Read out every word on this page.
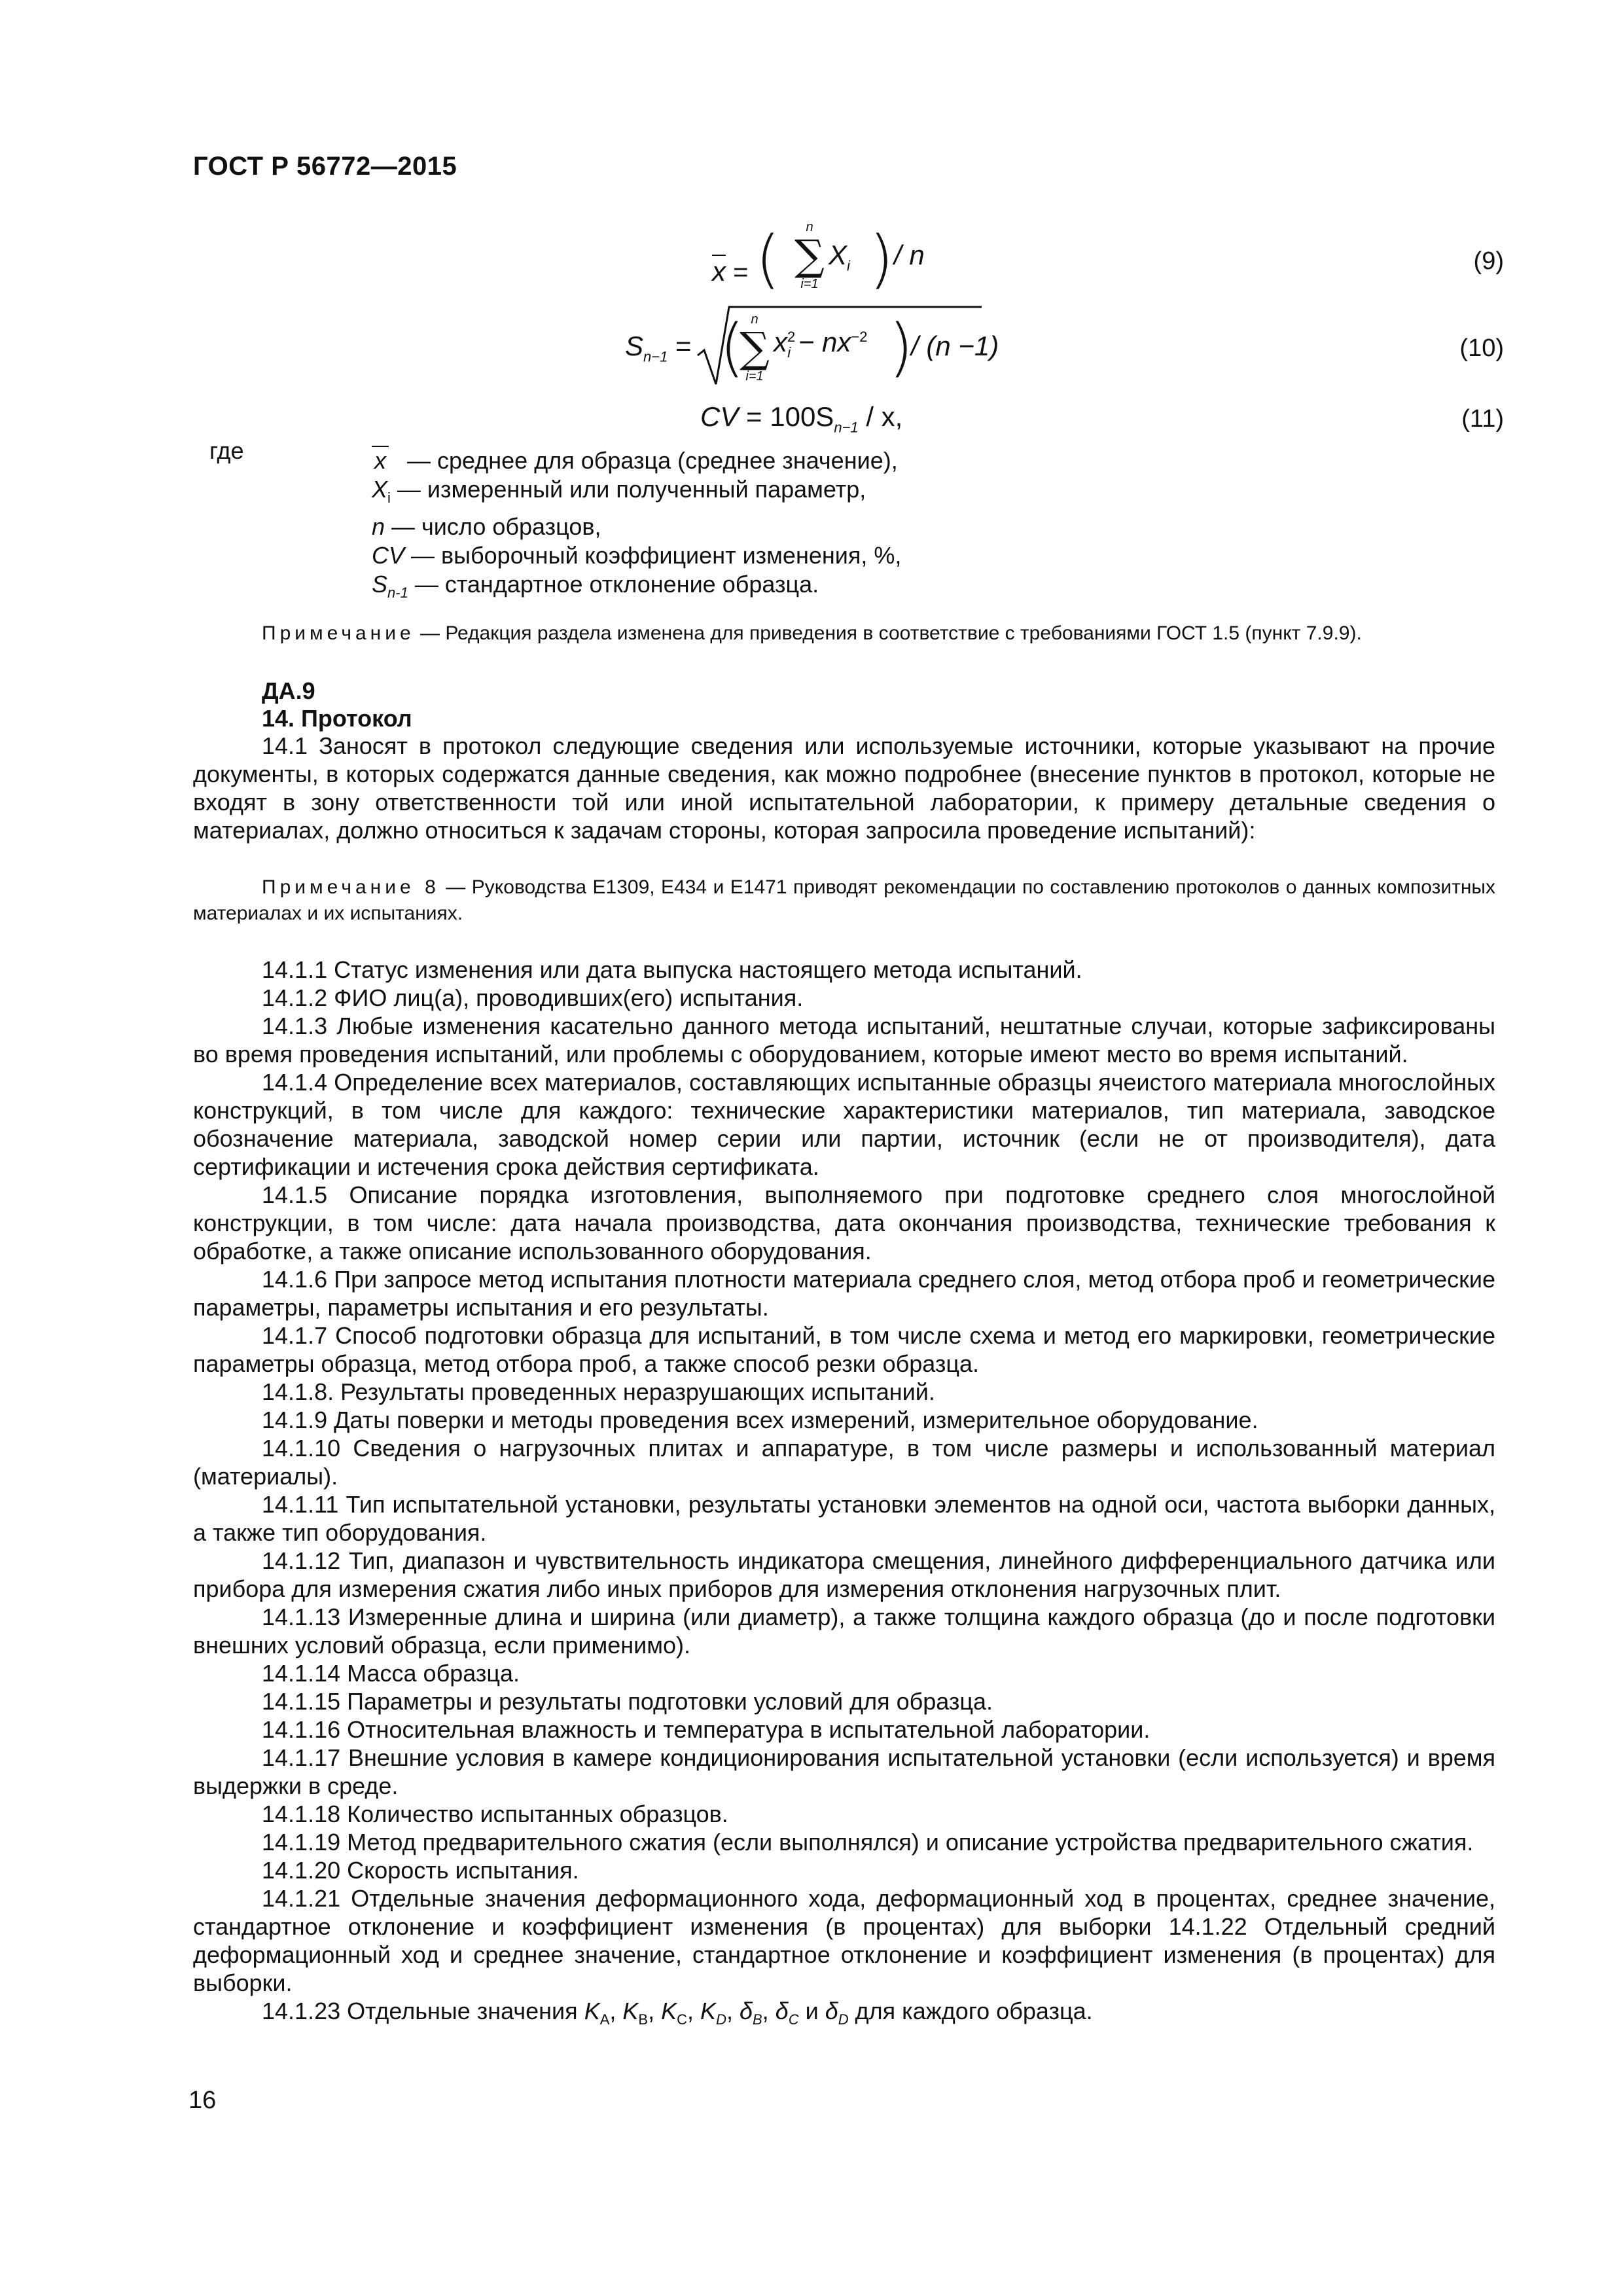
ГОСТ Р 56772—2015
x = (	n
∑
i=1
$X_i$ ) / n	(9)
$S_{n-1}$ = ( n
∑
i=1
$x^2_i - nx^{-2}$ )
/ (n −1)	(10)
CV = $100S_{n-1}$ / x,	(11)
где	x — среднее для образца (среднее значение),
$X_i$ — измеренный или полученный параметр,
n — число образцов,
CV — выборочный коэффициент изменения, %,
$S_{n-1}$ — стандартное отклонение образца.
Примечание — Редакция раздела изменена для приведения в соответствие с требованиями ГОСТ 1.5 (пункт 7.9.9).
ДА.9
14. Протокол

14.1 Заносят в протокол следующие сведения или используемые источники, которые указывают на прочие документы, в которых содержатся данные сведения, как можно подробнее (внесение пунктов в протокол, которые не входят в зону ответственности той или иной испытательной лаборатории, к примеру детальные сведения о материалах, должно относиться к задачам стороны, которая запросила проведение испытаний):

Примечание 8 — Руководства E1309, E434 и E1471 приводят рекомендации по составлению протоколов о данных композитных материалах и их испытаниях.

14.1.1 Статус изменения или дата выпуска настоящего метода испытаний.

14.1.2 ФИО лиц(а), проводивших(его) испытания.

14.1.3 Любые изменения касательно данного метода испытаний, нештатные случаи, которые зафиксированы во время проведения испытаний, или проблемы с оборудованием, которые имеют место во время испытаний.

14.1.4 Определение всех материалов, составляющих испытанные образцы ячеистого материала многослойных конструкций, в том числе для каждого: технические характеристики материалов, тип материала, заводское обозначение материала, заводской номер серии или партии, источник (если не от производителя), дата сертификации и истечения срока действия сертификата.

14.1.5 Описание порядка изготовления, выполняемого при подготовке среднего слоя многослойной конструкции, в том числе: дата начала производства, дата окончания производства, технические требования к обработке, а также описание использованного оборудования.

14.1.6 При запросе метод испытания плотности материала среднего слоя, метод отбора проб и геометрические параметры, параметры испытания и его результаты.

14.1.7 Способ подготовки образца для испытаний, в том числе схема и метод его маркировки, геометрические параметры образца, метод отбора проб, а также способ резки образца.

14.1.8. Результаты проведенных неразрушающих испытаний.

14.1.9 Даты поверки и методы проведения всех измерений, измерительное оборудование.

14.1.10 Сведения о нагрузочных плитах и аппаратуре, в том числе размеры и использованный материал (материалы).

14.1.11 Тип испытательной установки, результаты установки элементов на одной оси, частота выборки данных, а также тип оборудования.

14.1.12 Тип, диапазон и чувствительность индикатора смещения, линейного дифференциального датчика или прибора для измерения сжатия либо иных приборов для измерения отклонения нагрузочных плит.

14.1.13 Измеренные длина и ширина (или диаметр), а также толщина каждого образца (до и после подготовки внешних условий образца, если применимо).

14.1.14 Масса образца.

14.1.15 Параметры и результаты подготовки условий для образца.

14.1.16 Относительная влажность и температура в испытательной лаборатории.

14.1.17 Внешние условия в камере кондиционирования испытательной установки (если используется) и время выдержки в среде.

14.1.18 Количество испытанных образцов.

14.1.19 Метод предварительного сжатия (если выполнялся) и описание устройства предварительного сжатия.

14.1.20 Скорость испытания.

14.1.21 Отдельные значения деформационного хода, деформационный ход в процентах, среднее значение, стандартное отклонение и коэффициент изменения (в процентах) для выборки 14.1.22 Отдельный средний деформационный ход и среднее значение, стандартное отклонение и коэффициент изменения (в процентах) для выборки.

14.1.23 Отдельные значения $K_A$, $K_B$, $K_C$, $K_D$, $\delta_B$, $\delta_C$ и $\delta_D$ для каждого образца.

16
